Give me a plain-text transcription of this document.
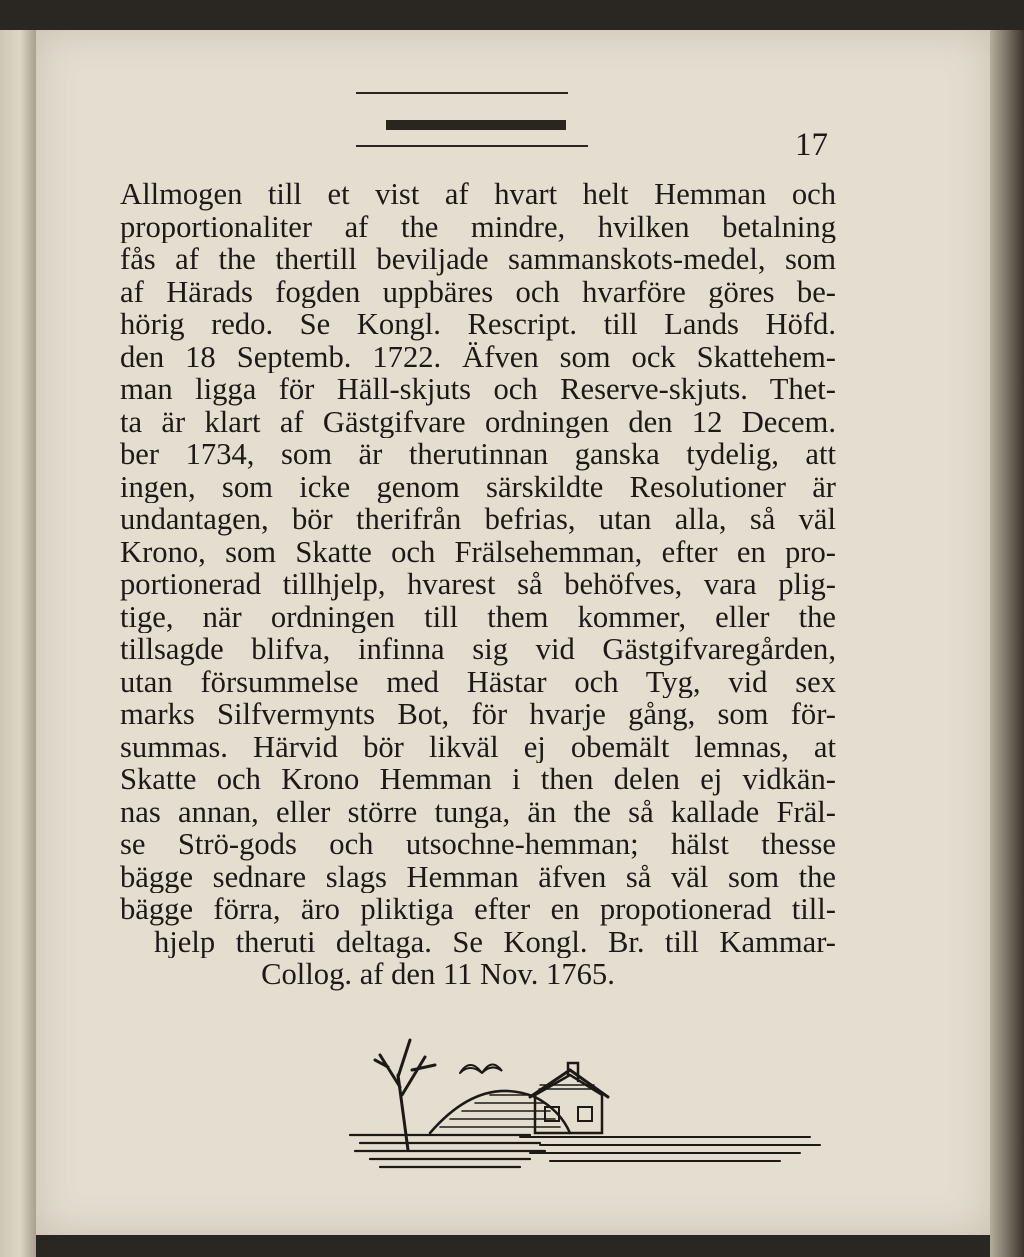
17
Allmogen till et vist af hvart helt Hemman och
proportionaliter af the mindre, hvilken betalning
fås af the thertill beviljade sammanskots-medel, som
af Härads fogden uppbäres och hvarföre göres be-
hörig redo. Se Kongl. Rescript. till Lands Höfd.
den 18 Septemb. 1722. Äfven som ock Skattehem-
man ligga för Häll-skjuts och Reserve-skjuts. Thet-
ta är klart af Gästgifvare ordningen den 12 Decem.
ber 1734, som är therutinnan ganska tydelig, att
ingen, som icke genom särskildte Resolutioner är
undantagen, bör therifrån befrias, utan alla, så väl
Krono, som Skatte och Frälsehemman, efter en pro-
portionerad tillhjelp, hvarest så behöfves, vara plig-
tige, när ordningen till them kommer, eller the
tillsagde blifva, infinna sig vid Gästgifvaregården,
utan försummelse med Hästar och Tyg, vid sex
marks Silfvermynts Bot, för hvarje gång, som för-
summas. Härvid bör likväl ej obemält lemnas, at
Skatte och Krono Hemman i then delen ej vidkän-
nas annan, eller större tunga, än the så kallade Fräl-
se Strö-gods och utsochne-hemman; hälst thesse
bägge sednare slags Hemman äfven så väl som the
bägge förra, äro pliktiga efter en propotionerad till-
hjelp theruti deltaga. Se Kongl. Br. till Kammar-
Collog. af den 11 Nov. 1765.
